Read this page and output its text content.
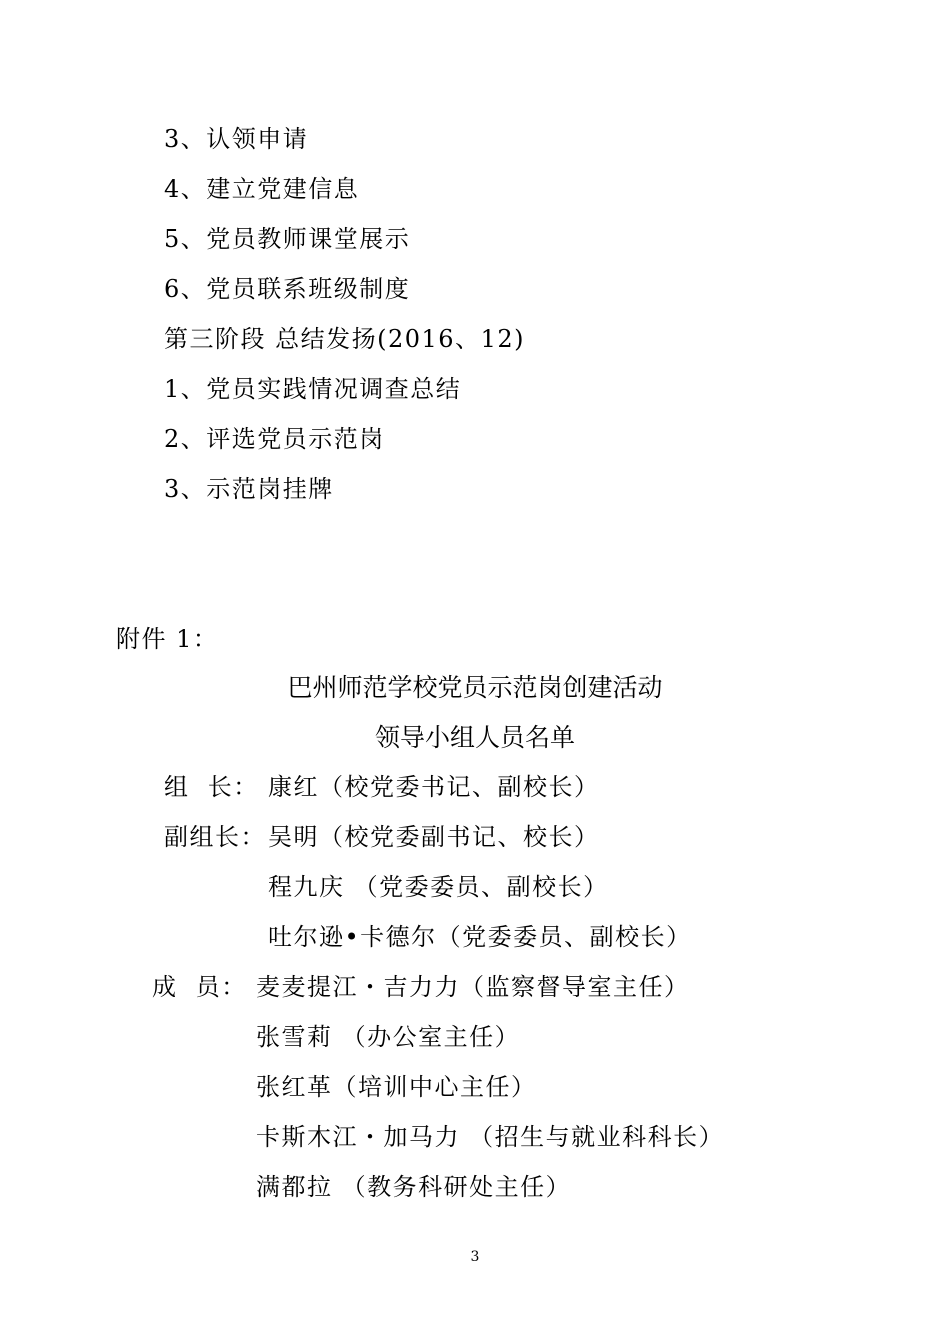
3、认领申请
4、建立党建信息
5、党员教师课堂展示
6、党员联系班级制度
第三阶段 总结发扬(2016、12)
1、党员实践情况调查总结
2、评选党员示范岗
3、示范岗挂牌
附件 1：
巴州师范学校党员示范岗创建活动
领导小组人员名单
组  长： 康红（校党委书记、副校长）
副组长： 吴明（校党委副书记、校长）
程九庆 （党委委员、副校长）
吐尔逊•卡德尔（党委委员、副校长）
成  员： 麦麦提江・吉力力（监察督导室主任）
张雪莉 （办公室主任）
张红革（培训中心主任）
卡斯木江・加马力 （招生与就业科科长）
满都拉 （教务科研处主任）
3
